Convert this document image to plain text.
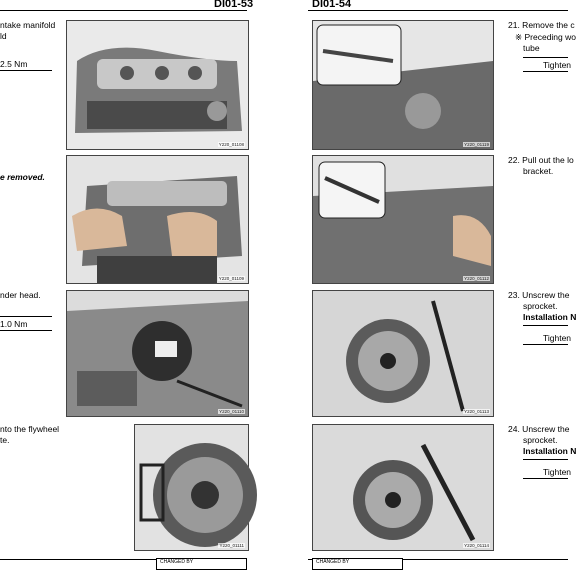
DI01-53	DI01-54
ntake manifold
ld
2.5 Nm
e removed.
nder head.
1.0 Nm
nto the flywheel
te.
Y220_01108
Y220_01109
Y220_01110
Y220_01111
CHANGED BY
Y220_01119
Y220_01112
Y220_01113
Y220_01114
21. Remove the c
※ Preceding wo
tube
Tighten
22. Pull out the lo
bracket.
23. Unscrew the
sprocket.
Installation N
Tighten
24. Unscrew the
sprocket.
Installation N
Tighten
CHANGED BY
